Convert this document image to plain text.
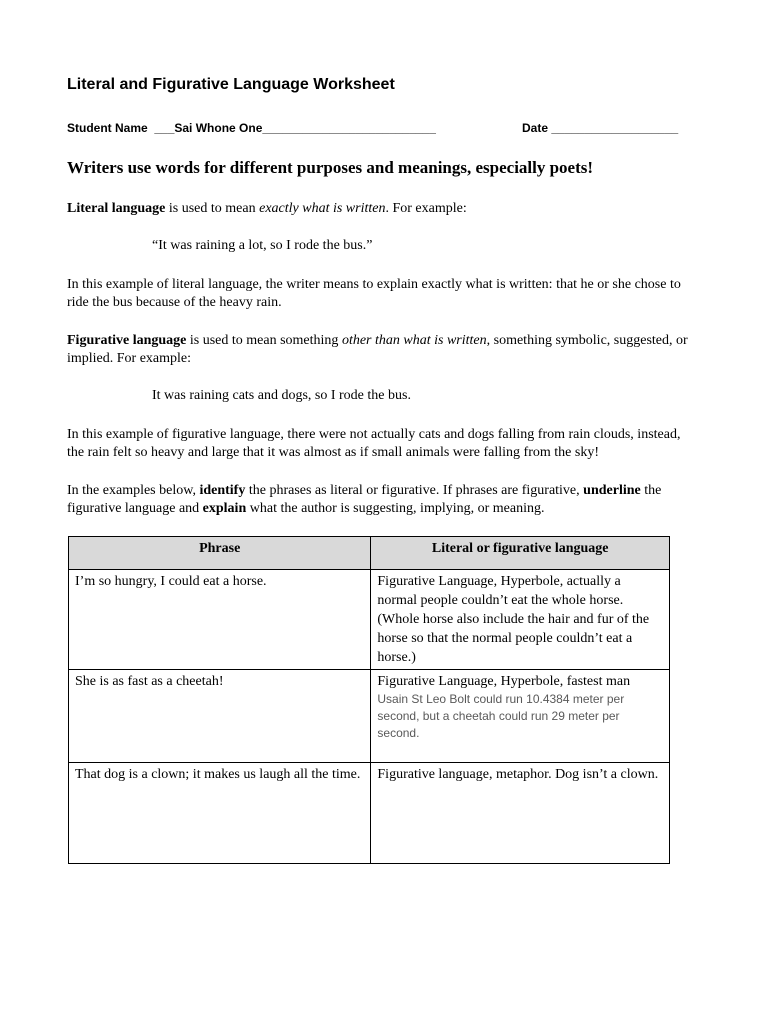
Literal and Figurative Language Worksheet
Student Name ___Sai Whone One__________________________	Date ___________________
Writers use words for different purposes and meanings, especially poets!
Literal language is used to mean exactly what is written. For example:
“It was raining a lot, so I rode the bus.”
In this example of literal language, the writer means to explain exactly what is written: that he or she chose to ride the bus because of the heavy rain.
Figurative language is used to mean something other than what is written, something symbolic, suggested, or implied. For example:
It was raining cats and dogs, so I rode the bus.
In this example of figurative language, there were not actually cats and dogs falling from rain clouds, instead, the rain felt so heavy and large that it was almost as if small animals were falling from the sky!
In the examples below, identify the phrases as literal or figurative. If phrases are figurative, underline the figurative language and explain what the author is suggesting, implying, or meaning.
Phrase	Literal or figurative language
I’m so hungry, I could eat a horse.	Figurative Language, Hyperbole, actually a normal people couldn’t eat the whole horse. (Whole horse also include the hair and fur of the horse so that the normal people couldn’t eat a horse.)
She is as fast as a cheetah!	Figurative Language, Hyperbole, fastest man
Usain St Leo Bolt could run 10.4384 meter per second, but a cheetah could run 29 meter per second.

That dog is a clown; it makes us laugh all the time.	Figurative language, metaphor. Dog isn’t a clown.
